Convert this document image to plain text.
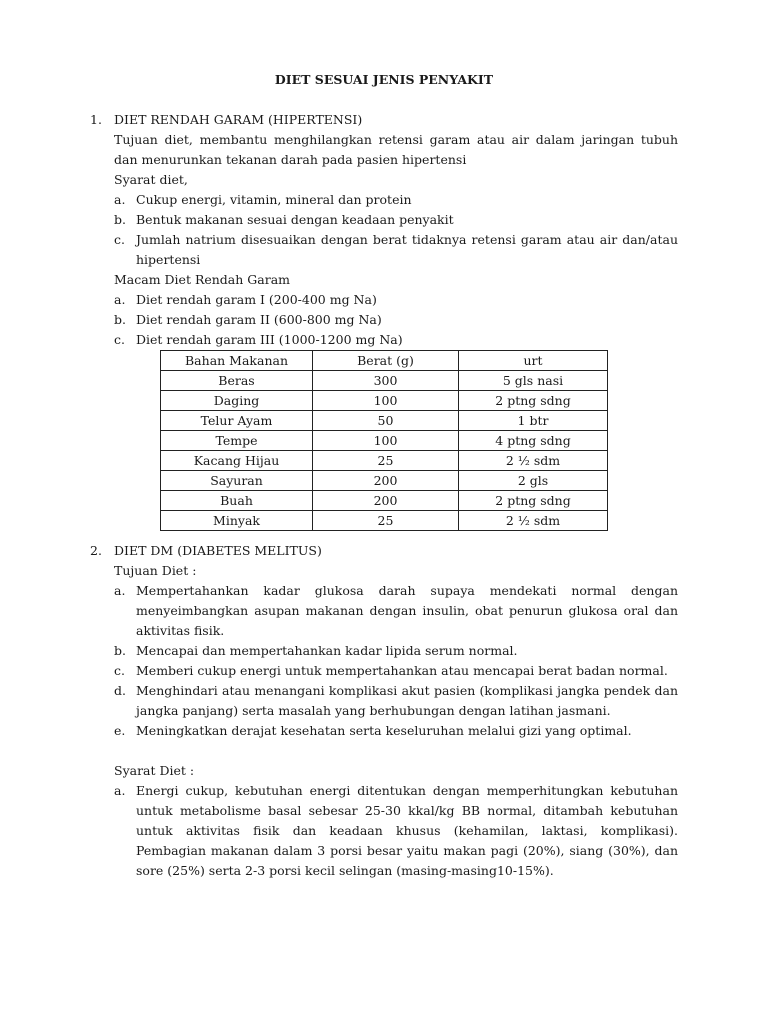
DIET SESUAI JENIS PENYAKIT
1. DIET RENDAH GARAM (HIPERTENSI)

Tujuan diet, membantu menghilangkan retensi garam atau air dalam jaringan tubuh dan menurunkan tekanan darah pada pasien hipertensi

Syarat diet,

a. Cukup energi, vitamin, mineral dan protein
b. Bentuk makanan sesuai dengan keadaan penyakit
c. Jumlah natrium disesuaikan dengan berat tidaknya retensi garam atau air dan/atau hipertensi

Macam Diet Rendah Garam

a. Diet rendah garam I (200-400 mg Na)
b. Diet rendah garam II (600-800 mg Na)
c. Diet rendah garam III (1000-1200 mg Na)
Bahan Makanan	Berat (g)	urt
Beras	300	5 gls nasi
Daging	100	2 ptng sdng
Telur Ayam	50	1 btr
Tempe	100	4 ptng sdng
Kacang Hijau	25	2 ½ sdm
Sayuran	200	2 gls
Buah	200	2 ptng sdng
Minyak	25	2 ½ sdm
2. DIET DM (DIABETES MELITUS)

Tujuan Diet :

a. Mempertahankan kadar glukosa darah supaya mendekati normal dengan menyeimbangkan asupan makanan dengan insulin, obat penurun glukosa oral dan aktivitas fisik.
b. Mencapai dan mempertahankan kadar lipida serum normal.
c. Memberi cukup energi untuk mempertahankan atau mencapai berat badan normal.
d. Menghindari atau menangani komplikasi akut pasien (komplikasi jangka pendek dan jangka panjang) serta masalah yang berhubungan dengan latihan jasmani.
e. Meningkatkan derajat kesehatan serta keseluruhan melalui gizi yang optimal.

Syarat Diet :

a. Energi cukup, kebutuhan energi ditentukan dengan memperhitungkan kebutuhan untuk metabolisme basal sebesar 25-30 kkal/kg BB normal, ditambah kebutuhan untuk aktivitas fisik dan keadaan khusus (kehamilan, laktasi, komplikasi). Pembagian makanan dalam 3 porsi besar yaitu makan pagi (20%), siang (30%), dan sore (25%) serta 2-3 porsi kecil selingan (masing-masing10-15%).
